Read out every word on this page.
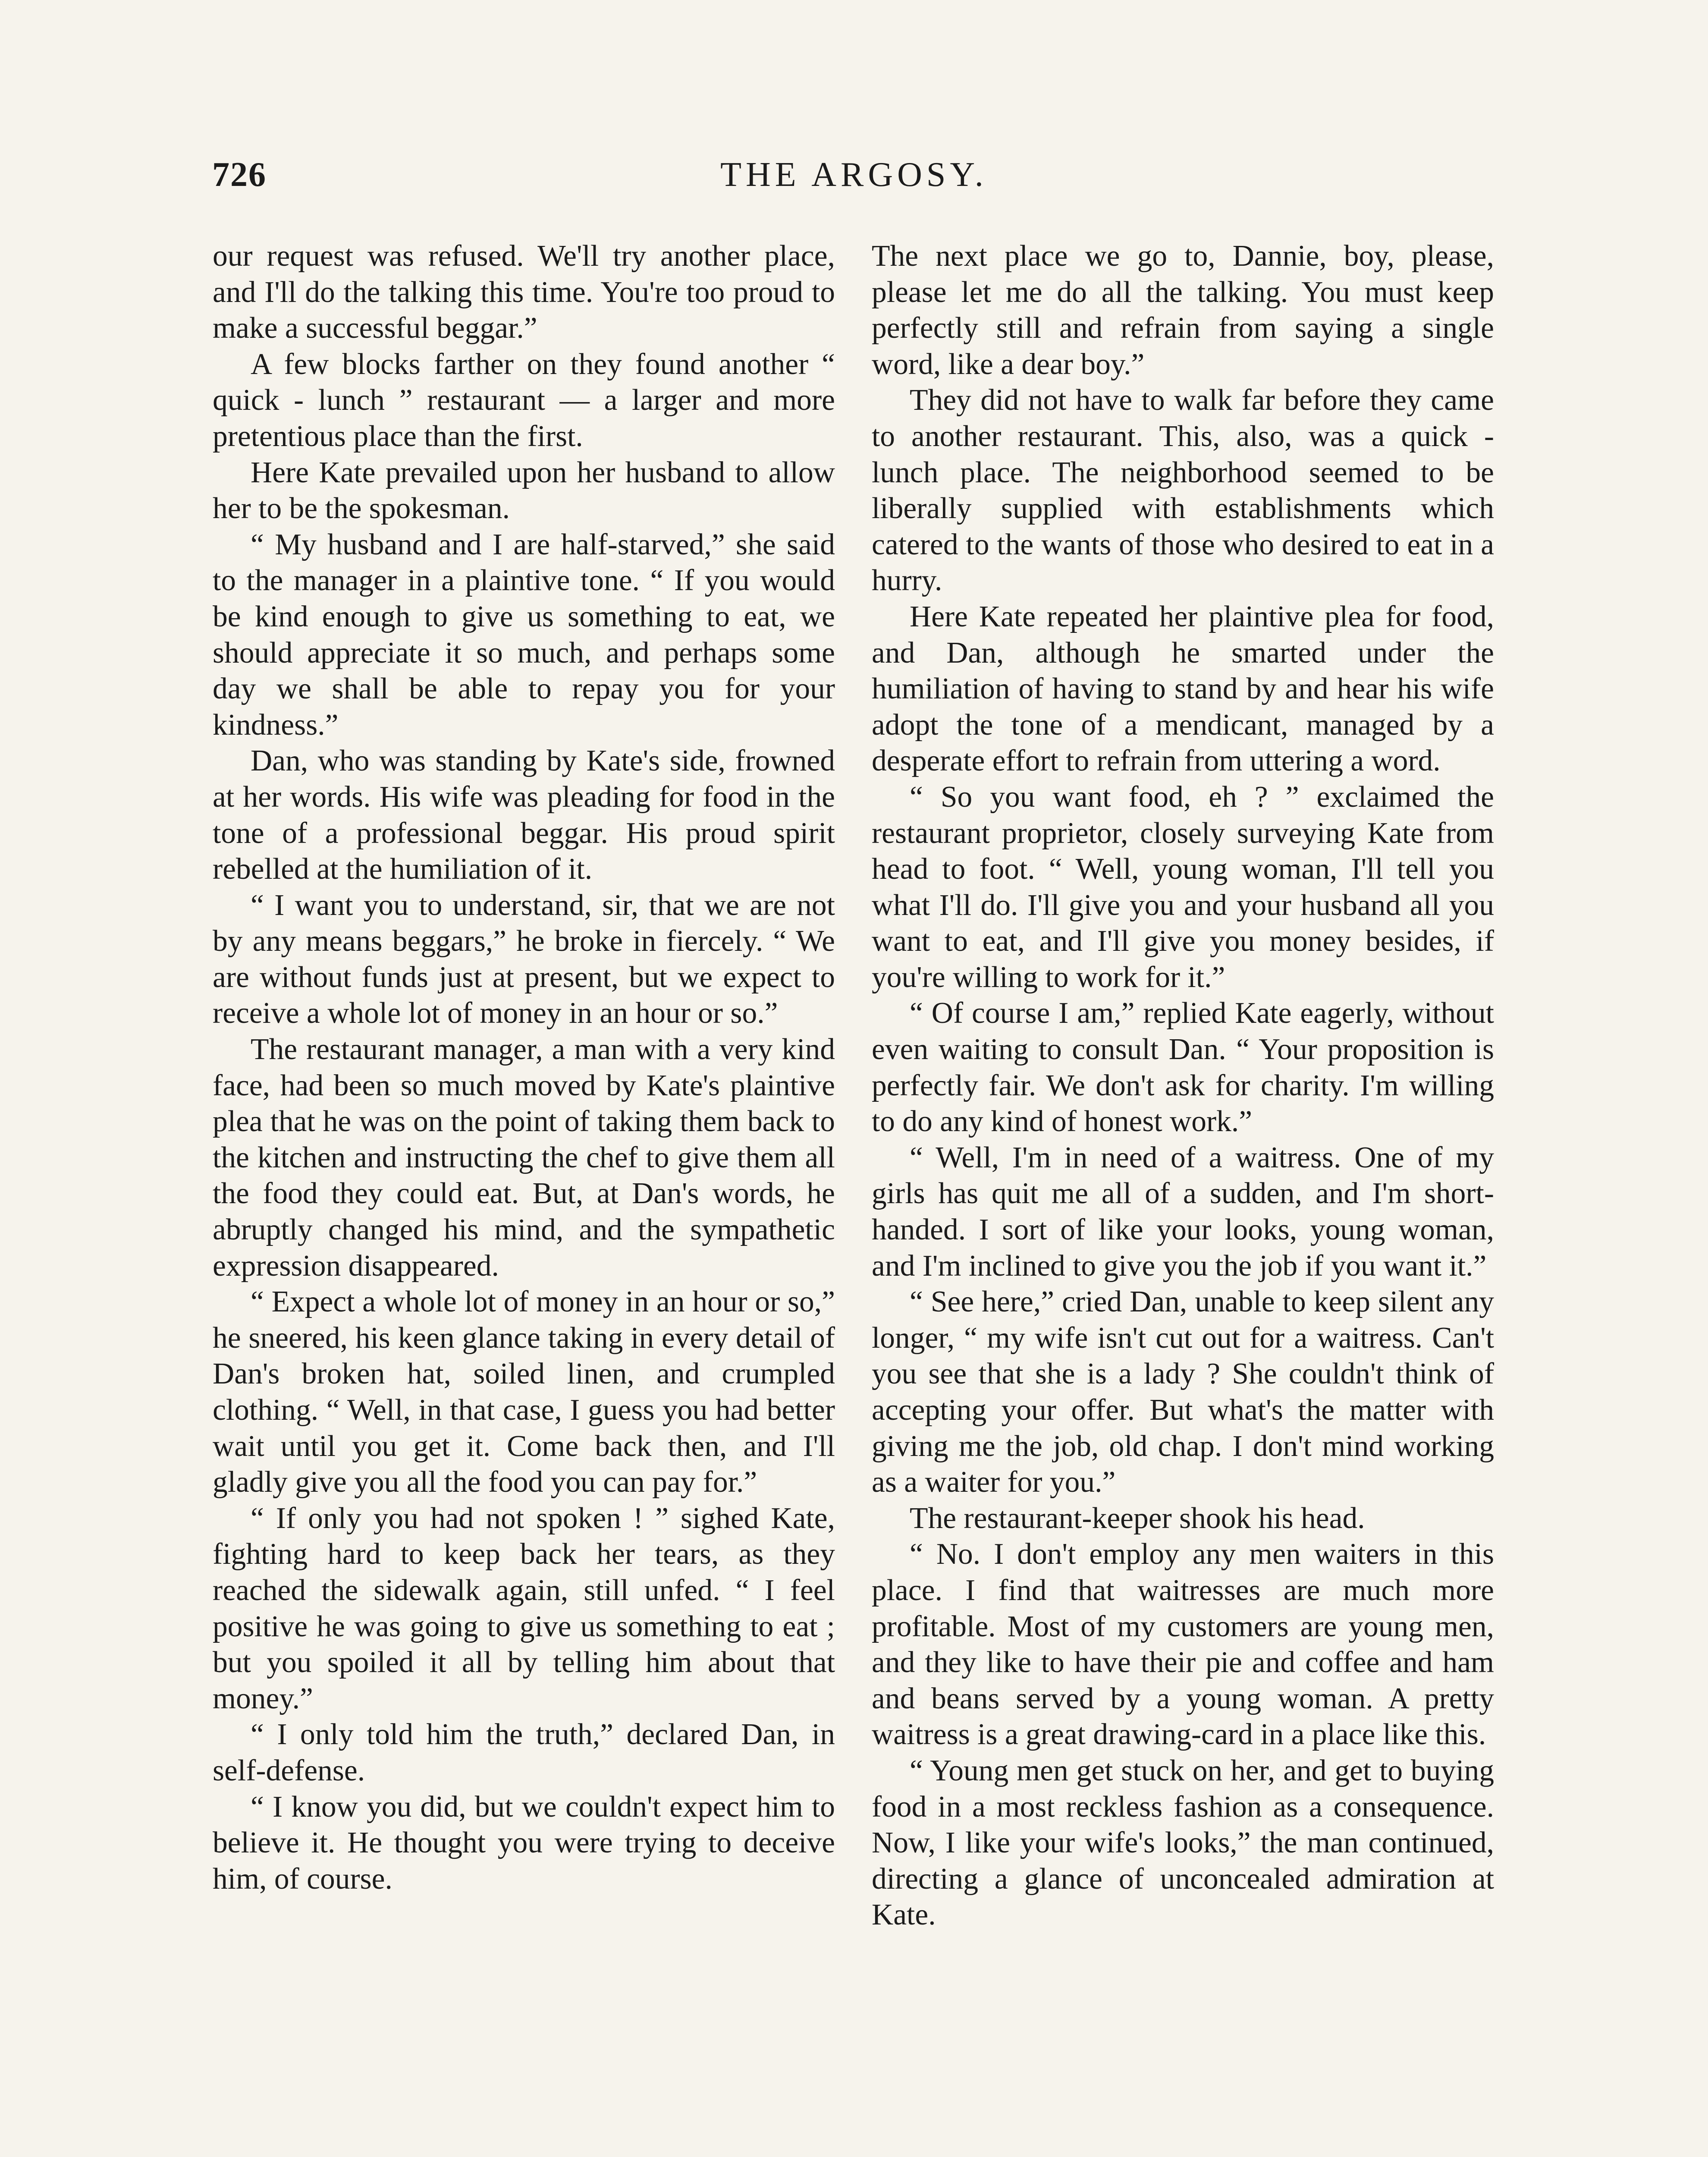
726	THE ARGOSY.

our request was refused. We'll try another place, and I'll do the talking this time. You're too proud to make a successful beggar.”

A few blocks farther on they found another “ quick - lunch ” restaurant — a larger and more pretentious place than the first.

Here Kate prevailed upon her husband to allow her to be the spokesman.

“ My husband and I are half-starved,” she said to the manager in a plaintive tone. “ If you would be kind enough to give us something to eat, we should appreciate it so much, and perhaps some day we shall be able to repay you for your kindness.”

Dan, who was standing by Kate's side, frowned at her words. His wife was pleading for food in the tone of a professional beggar. His proud spirit rebelled at the humiliation of it.

“ I want you to understand, sir, that we are not by any means beggars,” he broke in fiercely. “ We are without funds just at present, but we expect to receive a whole lot of money in an hour or so.”

The restaurant manager, a man with a very kind face, had been so much moved by Kate's plaintive plea that he was on the point of taking them back to the kitchen and instructing the chef to give them all the food they could eat. But, at Dan's words, he abruptly changed his mind, and the sympathetic expression disappeared.

“ Expect a whole lot of money in an hour or so,” he sneered, his keen glance taking in every detail of Dan's broken hat, soiled linen, and crumpled clothing. “ Well, in that case, I guess you had better wait until you get it. Come back then, and I'll gladly give you all the food you can pay for.”

“ If only you had not spoken ! ” sighed Kate, fighting hard to keep back her tears, as they reached the sidewalk again, still unfed. “ I feel positive he was going to give us something to eat ; but you spoiled it all by telling him about that money.”

“ I only told him the truth,” declared Dan, in self-defense.

“ I know you did, but we couldn't expect him to believe it. He thought you were trying to deceive him, of course.

The next place we go to, Dannie, boy, please, please let me do all the talking. You must keep perfectly still and refrain from saying a single word, like a dear boy.”

They did not have to walk far before they came to another restaurant. This, also, was a quick - lunch place. The neighborhood seemed to be liberally supplied with establishments which catered to the wants of those who desired to eat in a hurry.

Here Kate repeated her plaintive plea for food, and Dan, although he smarted under the humiliation of having to stand by and hear his wife adopt the tone of a mendicant, managed by a desperate effort to refrain from uttering a word.

“ So you want food, eh ? ” exclaimed the restaurant proprietor, closely surveying Kate from head to foot. “ Well, young woman, I'll tell you what I'll do. I'll give you and your husband all you want to eat, and I'll give you money besides, if you're willing to work for it.”

“ Of course I am,” replied Kate eagerly, without even waiting to consult Dan. “ Your proposition is perfectly fair. We don't ask for charity. I'm willing to do any kind of honest work.”

“ Well, I'm in need of a waitress. One of my girls has quit me all of a sudden, and I'm short-handed. I sort of like your looks, young woman, and I'm inclined to give you the job if you want it.”

“ See here,” cried Dan, unable to keep silent any longer, “ my wife isn't cut out for a waitress. Can't you see that she is a lady ? She couldn't think of accepting your offer. But what's the matter with giving me the job, old chap. I don't mind working as a waiter for you.”

The restaurant-keeper shook his head.

“ No. I don't employ any men waiters in this place. I find that waitresses are much more profitable. Most of my customers are young men, and they like to have their pie and coffee and ham and beans served by a young woman. A pretty waitress is a great drawing-card in a place like this.

“ Young men get stuck on her, and get to buying food in a most reckless fashion as a consequence. Now, I like your wife's looks,” the man continued, directing a glance of unconcealed admiration at Kate.
